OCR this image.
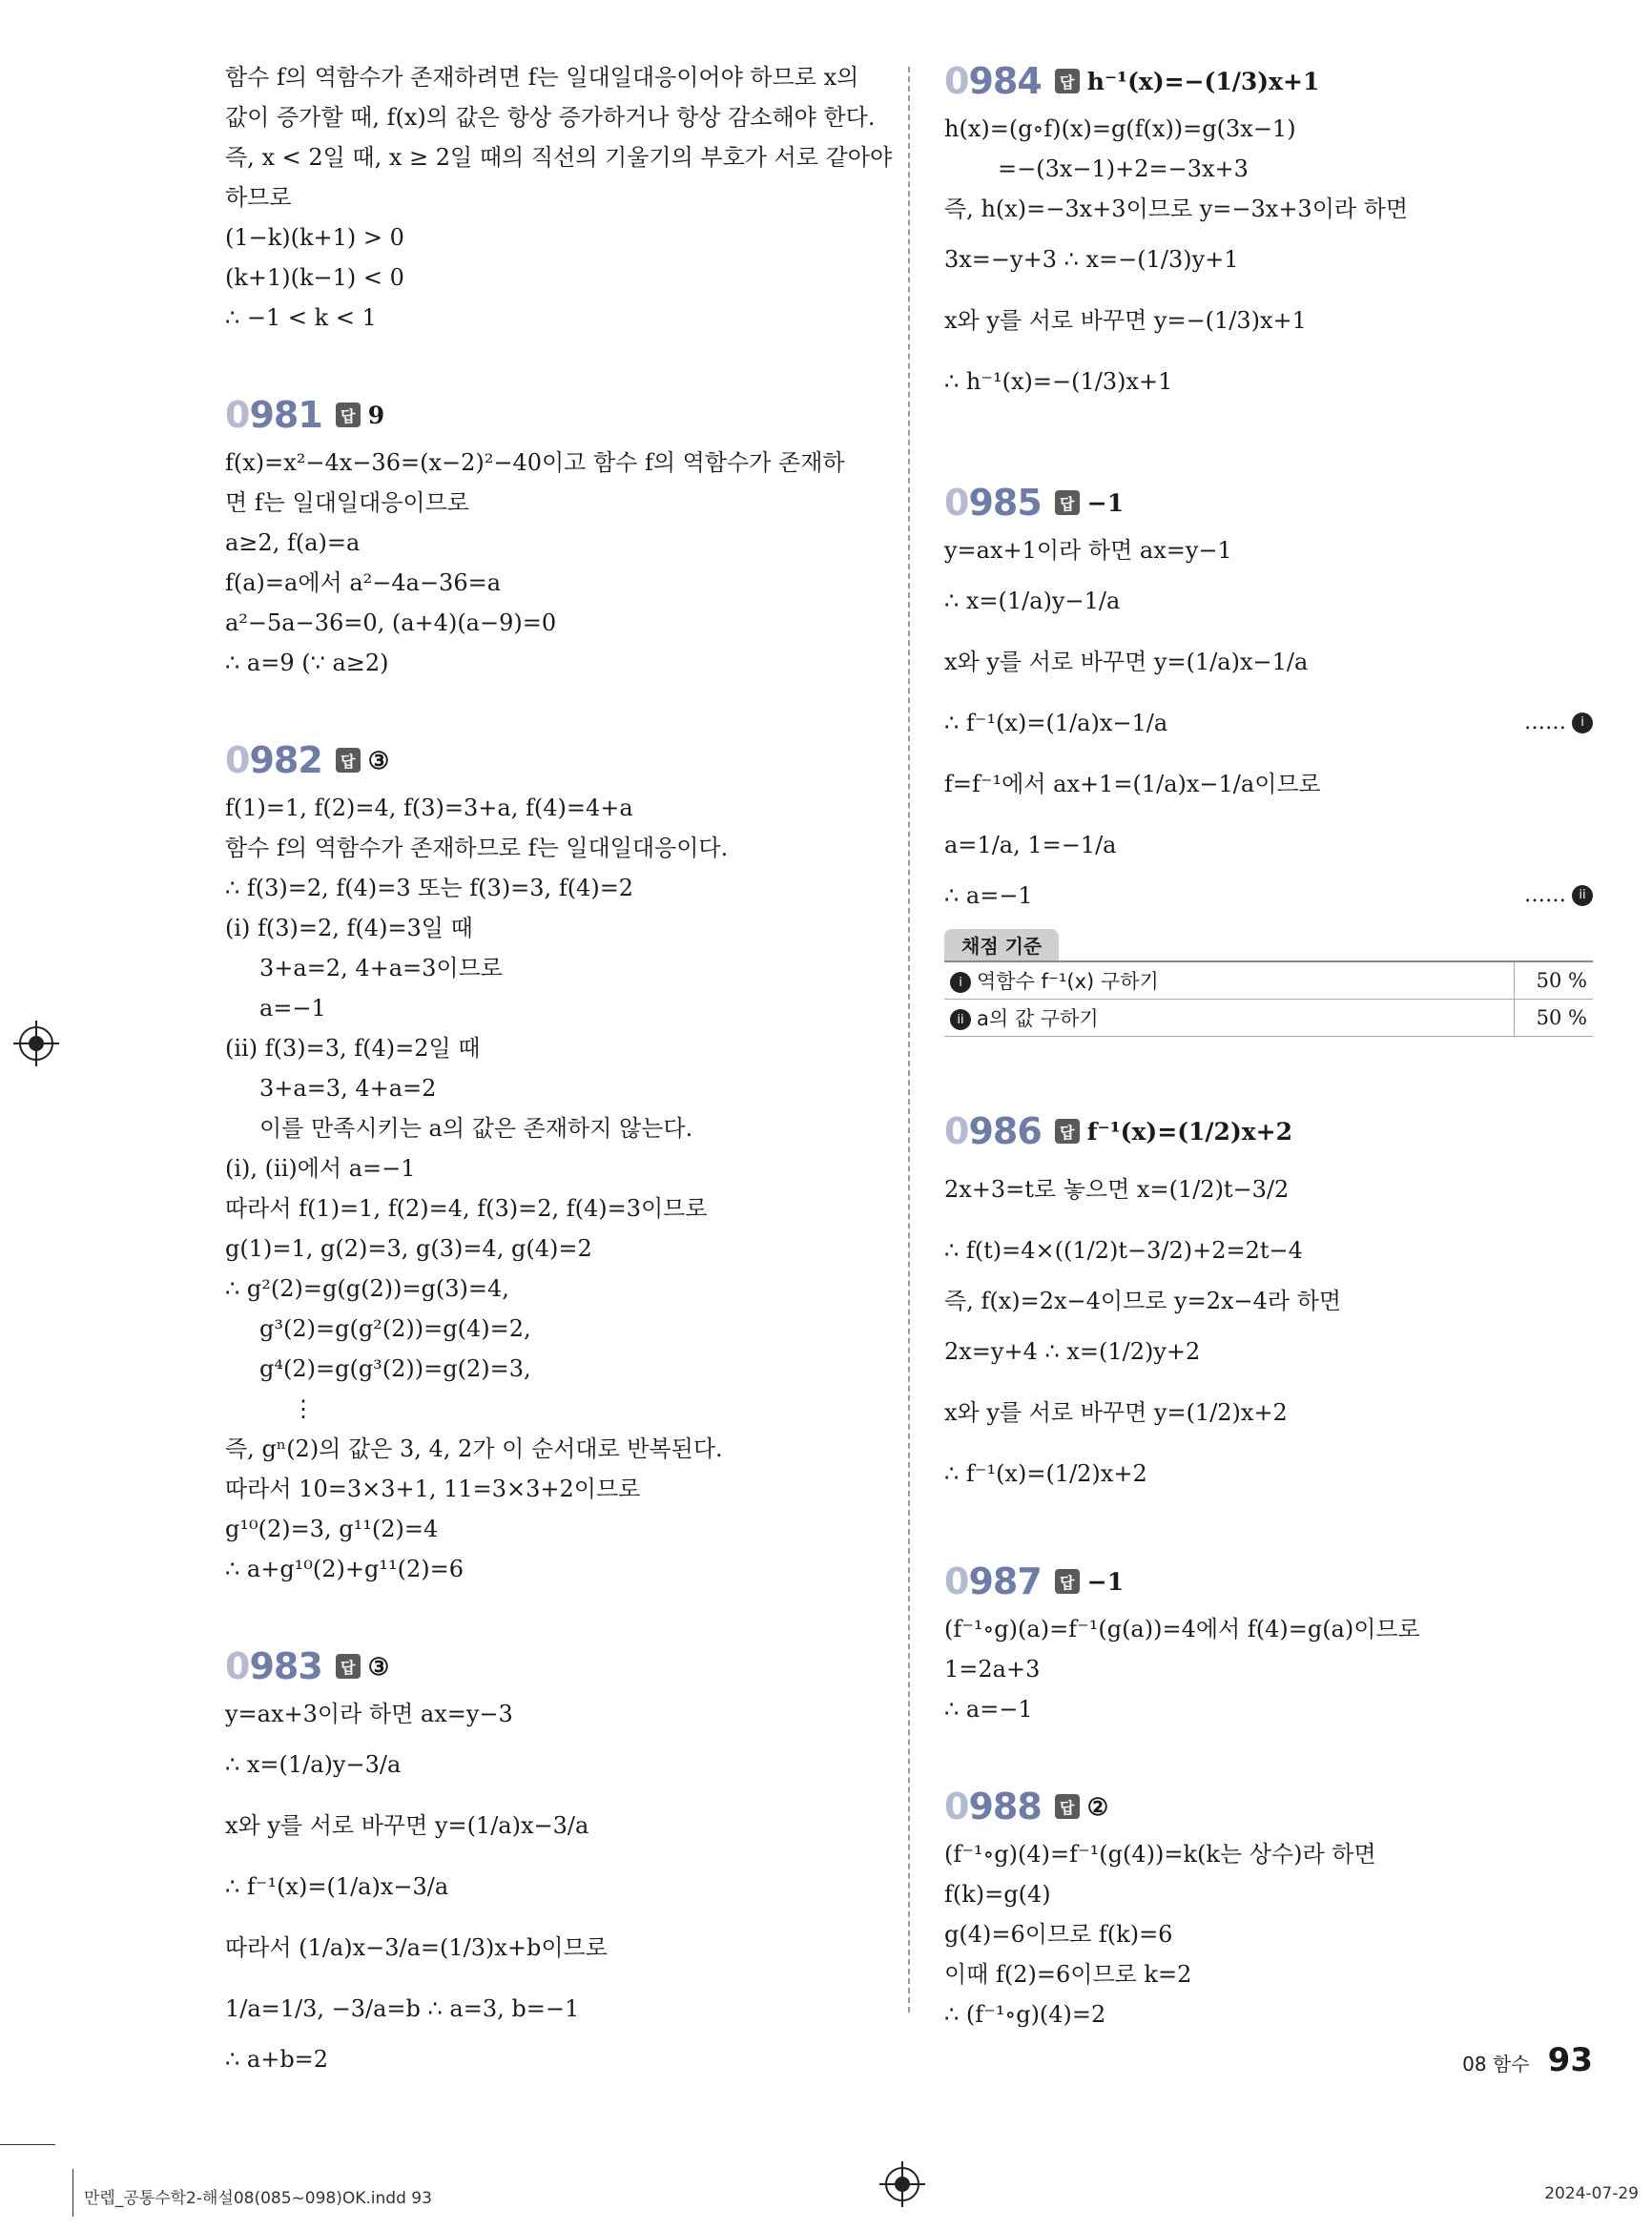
함수 f의 역함수가 존재하려면 f는 일대일대응이어야 하므로 x의
값이 증가할 때, f(x)의 값은 항상 증가하거나 항상 감소해야 한다.
즉, x < 2일 때, x ≥ 2일 때의 직선의 기울기의 부호가 서로 같아야
하므로
(1−k)(k+1) > 0
(k+1)(k−1) < 0
∴ −1 < k < 1
0981	답 9
f(x)=x²−4x−36=(x−2)²−40이고 함수 f의 역함수가 존재하
면 f는 일대일대응이므로
a≥2, f(a)=a
f(a)=a에서 a²−4a−36=a
a²−5a−36=0, (a+4)(a−9)=0
∴ a=9 (∵ a≥2)
0982	답 ③
f(1)=1, f(2)=4, f(3)=3+a, f(4)=4+a
함수 f의 역함수가 존재하므로 f는 일대일대응이다.
∴ f(3)=2, f(4)=3 또는 f(3)=3, f(4)=2
(i) f(3)=2, f(4)=3일 때
3+a=2, 4+a=3이므로
a=−1
(ii) f(3)=3, f(4)=2일 때
3+a=3, 4+a=2
이를 만족시키는 a의 값은 존재하지 않는다.
(i), (ii)에서 a=−1
따라서 f(1)=1, f(2)=4, f(3)=2, f(4)=3이므로
g(1)=1, g(2)=3, g(3)=4, g(4)=2
∴ g²(2)=g(g(2))=g(3)=4,
g³(2)=g(g²(2))=g(4)=2,
g⁴(2)=g(g³(2))=g(2)=3,
⋮
즉, gⁿ(2)의 값은 3, 4, 2가 이 순서대로 반복된다.
따라서 10=3×3+1, 11=3×3+2이므로
g¹⁰(2)=3, g¹¹(2)=4
∴ a+g¹⁰(2)+g¹¹(2)=6
0983	답 ③
y=ax+3이라 하면 ax=y−3
∴ x=(1/a)y−3/a
x와 y를 서로 바꾸면 y=(1/a)x−3/a
∴ f⁻¹(x)=(1/a)x−3/a
따라서 (1/a)x−3/a=(1/3)x+b이므로
1/a=1/3, −3/a=b ∴ a=3, b=−1
∴ a+b=2
0984	답 h⁻¹(x)=−(1/3)x+1
h(x)=(g∘f)(x)=g(f(x))=g(3x−1)
=−(3x−1)+2=−3x+3
즉, h(x)=−3x+3이므로 y=−3x+3이라 하면
3x=−y+3 ∴ x=−(1/3)y+1
x와 y를 서로 바꾸면 y=−(1/3)x+1
∴ h⁻¹(x)=−(1/3)x+1
0985	답 −1
y=ax+1이라 하면 ax=y−1
∴ x=(1/a)y−1/a
x와 y를 서로 바꾸면 y=(1/a)x−1/a
∴ f⁻¹(x)=(1/a)x−1/a	…… i
f=f⁻¹에서 ax+1=(1/a)x−1/a이므로
a=1/a, 1=−1/a
∴ a=−1	…… ii
채점 기준
i 역함수 f⁻¹(x) 구하기	50 %
ii a의 값 구하기	50 %
0986	답 f⁻¹(x)=(1/2)x+2
2x+3=t로 놓으면 x=(1/2)t−3/2
∴ f(t)=4×((1/2)t−3/2)+2=2t−4
즉, f(x)=2x−4이므로 y=2x−4라 하면
2x=y+4 ∴ x=(1/2)y+2
x와 y를 서로 바꾸면 y=(1/2)x+2
∴ f⁻¹(x)=(1/2)x+2
0987	답 −1
(f⁻¹∘g)(a)=f⁻¹(g(a))=4에서 f(4)=g(a)이므로
1=2a+3
∴ a=−1
0988	답 ②
(f⁻¹∘g)(4)=f⁻¹(g(4))=k(k는 상수)라 하면
f(k)=g(4)
g(4)=6이므로 f(k)=6
이때 f(2)=6이므로 k=2
∴ (f⁻¹∘g)(4)=2
08 함수 93
만렙_공통수학2-해설08(085~098)OK.indd 93	2024-07-29
